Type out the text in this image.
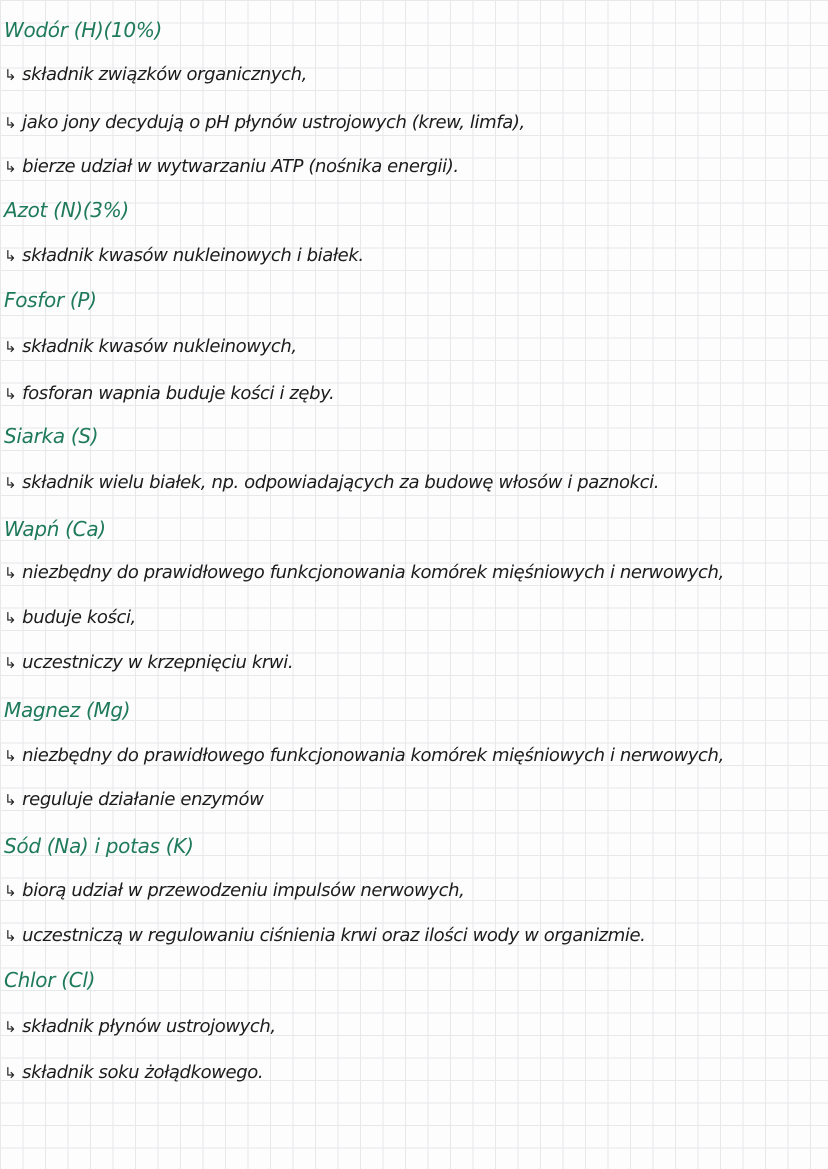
Wodór (H)(10%)
↳ składnik związków organicznych,
↳ jako jony decydują o pH płynów ustrojowych (krew, limfa),
↳ bierze udział w wytwarzaniu ATP (nośnika energii).
Azot (N)(3%)
↳ składnik kwasów nukleinowych i białek.
Fosfor (P)
↳ składnik kwasów nukleinowych,
↳ fosforan wapnia buduje kości i zęby.
Siarka (S)
↳ składnik wielu białek, np. odpowiadających za budowę włosów i paznokci.
Wapń (Ca)
↳ niezbędny do prawidłowego funkcjonowania komórek mięśniowych i nerwowych,
↳ buduje kości,
↳ uczestniczy w krzepnięciu krwi.
Magnez (Mg)
↳ niezbędny do prawidłowego funkcjonowania komórek mięśniowych i nerwowych,
↳ reguluje działanie enzymów
Sód (Na) i potas (K)
↳ biorą udział w przewodzeniu impulsów nerwowych,
↳ uczestniczą w regulowaniu ciśnienia krwi oraz ilości wody w organizmie.
Chlor (Cl)
↳ składnik płynów ustrojowych,
↳ składnik soku żołądkowego.
